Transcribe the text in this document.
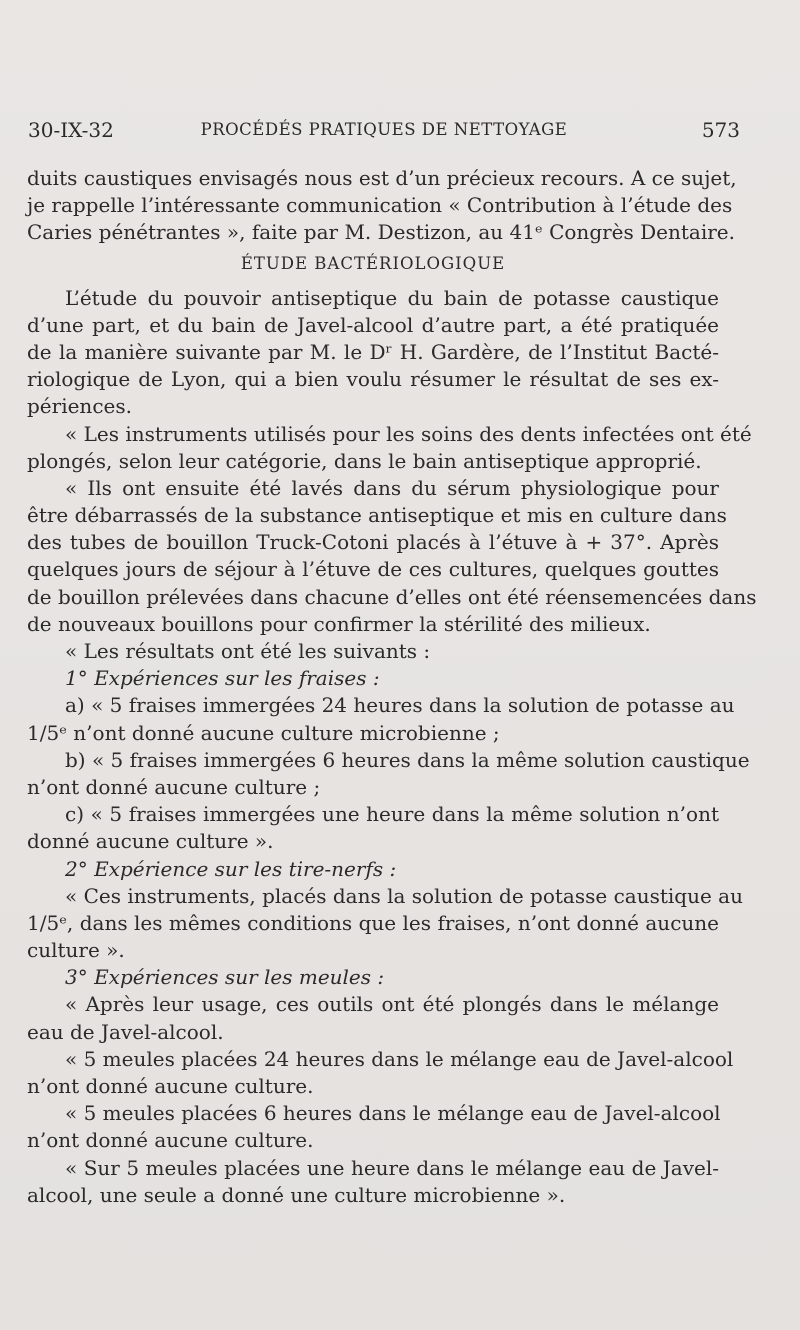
30-IX-32	PROCÉDÉS PRATIQUES DE NETTOYAGE	573
duits caustiques envisagés nous est d’un précieux recours. A ce sujet,
je rappelle l’intéressante communication « Contribution à l’étude des
Caries pénétrantes », faite par M. Destizon, au 41ᵉ Congrès Dentaire.
ÉTUDE BACTÉRIOLOGIQUE
L’étude du pouvoir antiseptique du bain de potasse caustique
d’une part, et du bain de Javel-alcool d’autre part, a été pratiquée
de la manière suivante par M. le Dʳ H. Gardère, de l’Institut Bacté-
riologique de Lyon, qui a bien voulu résumer le résultat de ses ex-
périences.
« Les instruments utilisés pour les soins des dents infectées ont été
plongés, selon leur catégorie, dans le bain antiseptique approprié.
« Ils ont ensuite été lavés dans du sérum physiologique pour
être débarrassés de la substance antiseptique et mis en culture dans
des tubes de bouillon Truck-Cotoni placés à l’étuve à + 37°. Après
quelques jours de séjour à l’étuve de ces cultures, quelques gouttes
de bouillon prélevées dans chacune d’elles ont été réensemencées dans
de nouveaux bouillons pour confirmer la stérilité des milieux.
« Les résultats ont été les suivants :
1° Expériences sur les fraises :
a) « 5 fraises immergées 24 heures dans la solution de potasse au
1/5ᵉ n’ont donné aucune culture microbienne ;
b) « 5 fraises immergées 6 heures dans la même solution caustique
n’ont donné aucune culture ;
c) « 5 fraises immergées une heure dans la même solution n’ont
donné aucune culture ».
2° Expérience sur les tire-nerfs :
« Ces instruments, placés dans la solution de potasse caustique au
1/5ᵉ, dans les mêmes conditions que les fraises, n’ont donné aucune
culture ».
3° Expériences sur les meules :
« Après leur usage, ces outils ont été plongés dans le mélange
eau de Javel-alcool.
« 5 meules placées 24 heures dans le mélange eau de Javel-alcool
n’ont donné aucune culture.
« 5 meules placées 6 heures dans le mélange eau de Javel-alcool
n’ont donné aucune culture.
« Sur 5 meules placées une heure dans le mélange eau de Javel-
alcool, une seule a donné une culture microbienne ».
